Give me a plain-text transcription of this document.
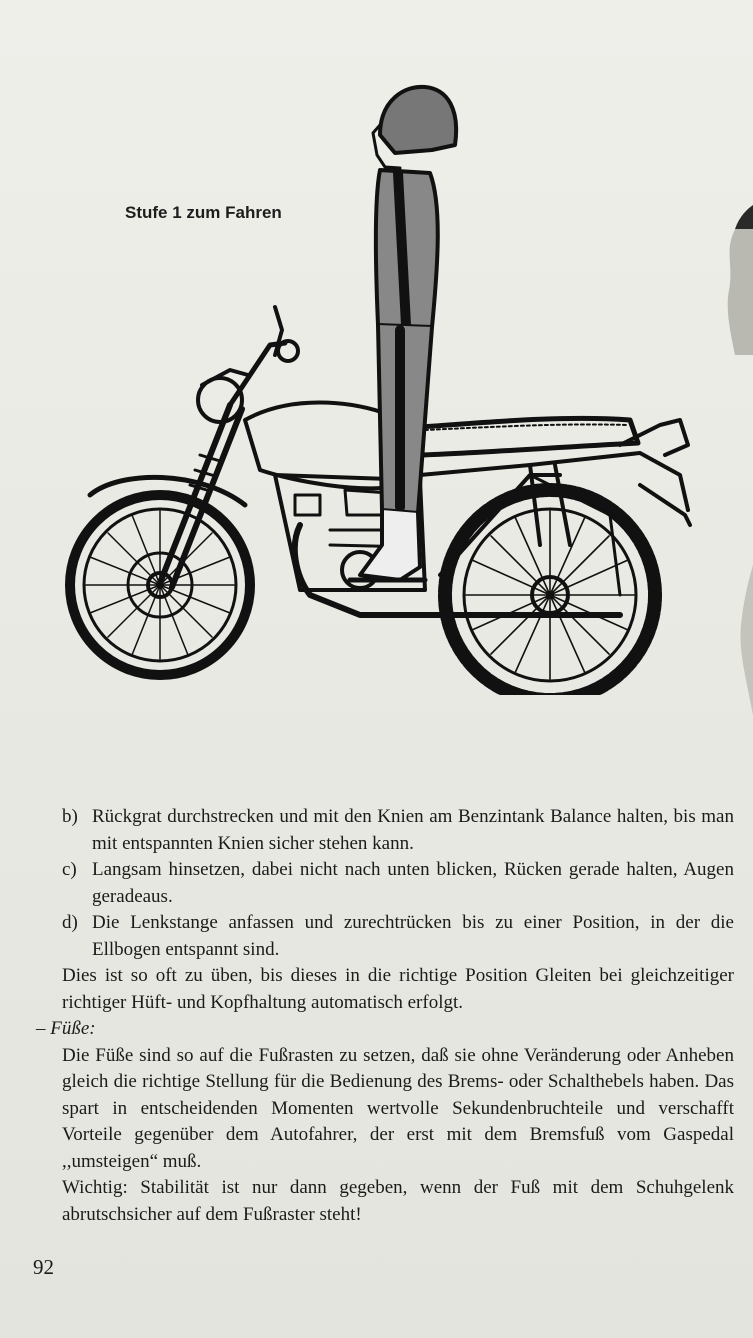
Stufe 1 zum Fahren
b) Rückgrat durchstrecken und mit den Knien am Benzintank Balance halten, bis man mit entspannten Knien sicher stehen kann.
c) Langsam hinsetzen, dabei nicht nach unten blicken, Rücken gerade halten, Augen geradeaus.
d) Die Lenkstange anfassen und zurechtrücken bis zu einer Position, in der die Ellbogen entspannt sind.

Dies ist so oft zu üben, bis dieses in die richtige Position Gleiten bei gleichzeitiger richtiger Hüft- und Kopfhaltung automatisch erfolgt.

– Füße:

Die Füße sind so auf die Fußrasten zu setzen, daß sie ohne Veränderung oder Anheben gleich die richtige Stellung für die Bedienung des Brems- oder Schalthebels haben. Das spart in entscheidenden Momenten wertvolle Sekundenbruchteile und verschafft Vorteile gegenüber dem Autofahrer, der erst mit dem Bremsfuß vom Gaspedal ,,umsteigen“ muß.

Wichtig: Stabilität ist nur dann gegeben, wenn der Fuß mit dem Schuhgelenk abrutschsicher auf dem Fußraster steht!

92
